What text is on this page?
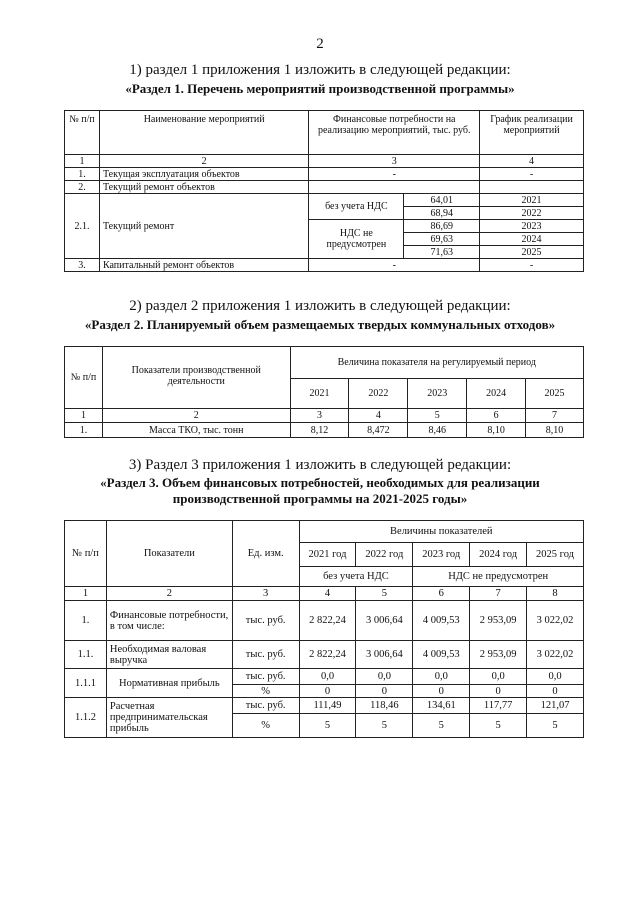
2
1) раздел 1 приложения 1 изложить в следующей редакции:
«Раздел 1. Перечень мероприятий производственной программы»
№ п/п	Наименование мероприятий	Финансовые потребности на реализацию мероприятий, тыс. руб.		График реализации мероприятий
1	2	3		4
1.	Текущая эксплуатация объектов	-		-
2.	Текущий ремонт объектов			
2.1.	Текущий ремонт	без учета НДС	64,01	2021
			68,94	2022
		НДС не предусмотрен	86,69	2023
			69,63	2024
			71,63	2025
3.	Капитальный ремонт объектов	-		-
2) раздел 2 приложения 1 изложить в следующей редакции:
«Раздел 2. Планируемый объем размещаемых твердых коммунальных отходов»
№ п/п	Показатели производственной деятельности	Величина показателя на регулируемый период				
		2021	2022	2023	2024	2025
1	2	3	4	5	6	7
1.	Масса ТКО, тыс. тонн	8,12	8,472	8,46	8,10	8,10
3) Раздел 3 приложения 1 изложить в следующей редакции:
«Раздел 3. Объем финансовых потребностей, необходимых для реализации
производственной программы на 2021-2025 годы»
№ п/п	Показатели	Ед. изм.	Величины показателей				
			2021 год	2022 год	2023 год	2024 год	2025 год
			без учета НДС		НДС не предусмотрен		
1	2	3	4	5	6	7	8
1.	Финансовые потребности, в том числе:	тыс. руб.	2 822,24	3 006,64	4 009,53	2 953,09	3 022,02
1.1.	Необходимая валовая выручка	тыс. руб.	2 822,24	3 006,64	4 009,53	2 953,09	3 022,02
1.1.1	Нормативная прибыль	тыс. руб.	0,0	0,0	0,0	0,0	0,0
		%	0	0	0	0	0
1.1.2	Расчетная предпринимательская прибыль	тыс. руб.	111,49	118,46	134,61	117,77	121,07
		%	5	5	5	5	5
